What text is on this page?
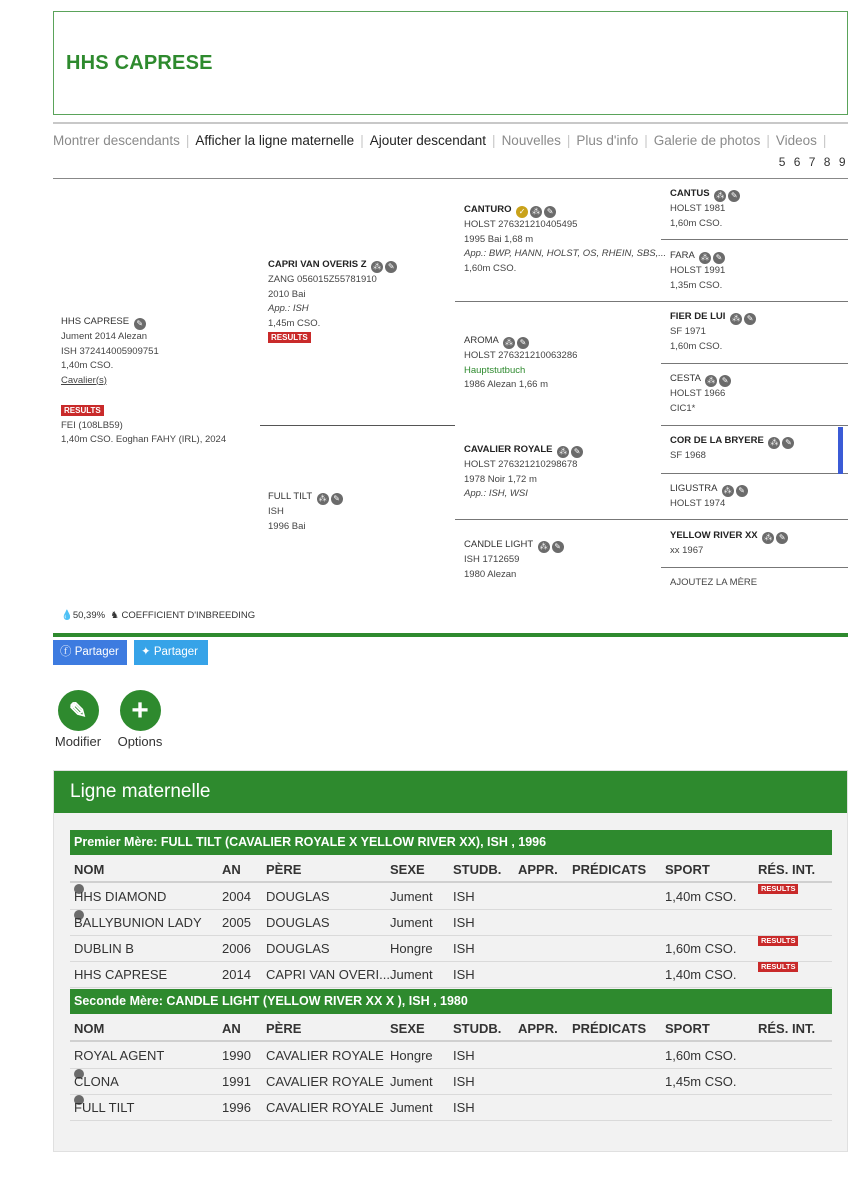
HHS CAPRESE
Montrer descendants | Afficher la ligne maternelle | Ajouter descendant | Nouvelles | Plus d'info | Galerie de photos | Videos |
5 6 7 8 9
HHS CAPRESE ✎
Jument 2014 Alezan
ISH 372414005909751
1,40m CSO.
Cavalier(s)
RESULTS
FEI (108LB59)
1,40m CSO. Eoghan FAHY (IRL), 2024
CAPRI VAN OVERIS Z ⁂ ✎
ZANG 056015Z55781910
2010 Bai
App.: ISH
1,45m CSO.
RESULTS
FULL TILT ⁂ ✎
ISH
1996 Bai
CANTURO ✓ ⁂ ✎
HOLST 276321210405495
1995 Bai 1,68 m
App.: BWP, HANN, HOLST, OS, RHEIN, SBS,...
1,60m CSO.
AROMA ⁂ ✎
HOLST 276321210063286
Hauptstutbuch
1986 Alezan 1,66 m
CAVALIER ROYALE ⁂ ✎
HOLST 276321210298678
1978 Noir 1,72 m
App.: ISH, WSI
CANDLE LIGHT ⁂ ✎
ISH 1712659
1980 Alezan
CANTUS ⁂ ✎
HOLST 1981
1,60m CSO.
FARA ⁂ ✎
HOLST 1991
1,35m CSO.
FIER DE LUI ⁂ ✎
SF 1971
1,60m CSO.
CESTA ⁂ ✎
HOLST 1966
CIC1*
COR DE LA BRYERE ⁂ ✎
SF 1968
LIGUSTRA ⁂ ✎
HOLST 1974
YELLOW RIVER XX ⁂ ✎
xx 1967
AJOUTEZ LA MÈRE
💧50,39% ♞ COEFFICIENT D'INBREEDING
ⓕ Partager	✦ Partager
✎
Modifier
+
Options
Ligne maternelle
Premier Mère: FULL TILT (CAVALIER ROYALE X YELLOW RIVER XX), ISH , 1996
NOM	AN PÈRE	SEXE STUDB. APPR. PRÉDICATS SPORT	RÉS. INT.
HHS DIAMOND	2004 DOUGLAS	Jument ISH	1,40m CSO.
RESULTS
BALLYBUNION LADY 2005 DOUGLAS	Jument ISH
DUBLIN B	2006 DOUGLAS	Hongre ISH	1,60m CSO.
RESULTS
HHS CAPRESE	2014 CAPRI VAN OVERI... Jument ISH	1,40m CSO.
RESULTS
Seconde Mère: CANDLE LIGHT (YELLOW RIVER XX X ), ISH , 1980
NOM	AN PÈRE	SEXE STUDB. APPR. PRÉDICATS SPORT	RÉS. INT.
ROYAL AGENT	1990 CAVALIER ROYALE Hongre ISH	1,60m CSO.
CLONA	1991 CAVALIER ROYALE Jument ISH	1,45m CSO.
FULL TILT	1996 CAVALIER ROYALE Jument ISH
